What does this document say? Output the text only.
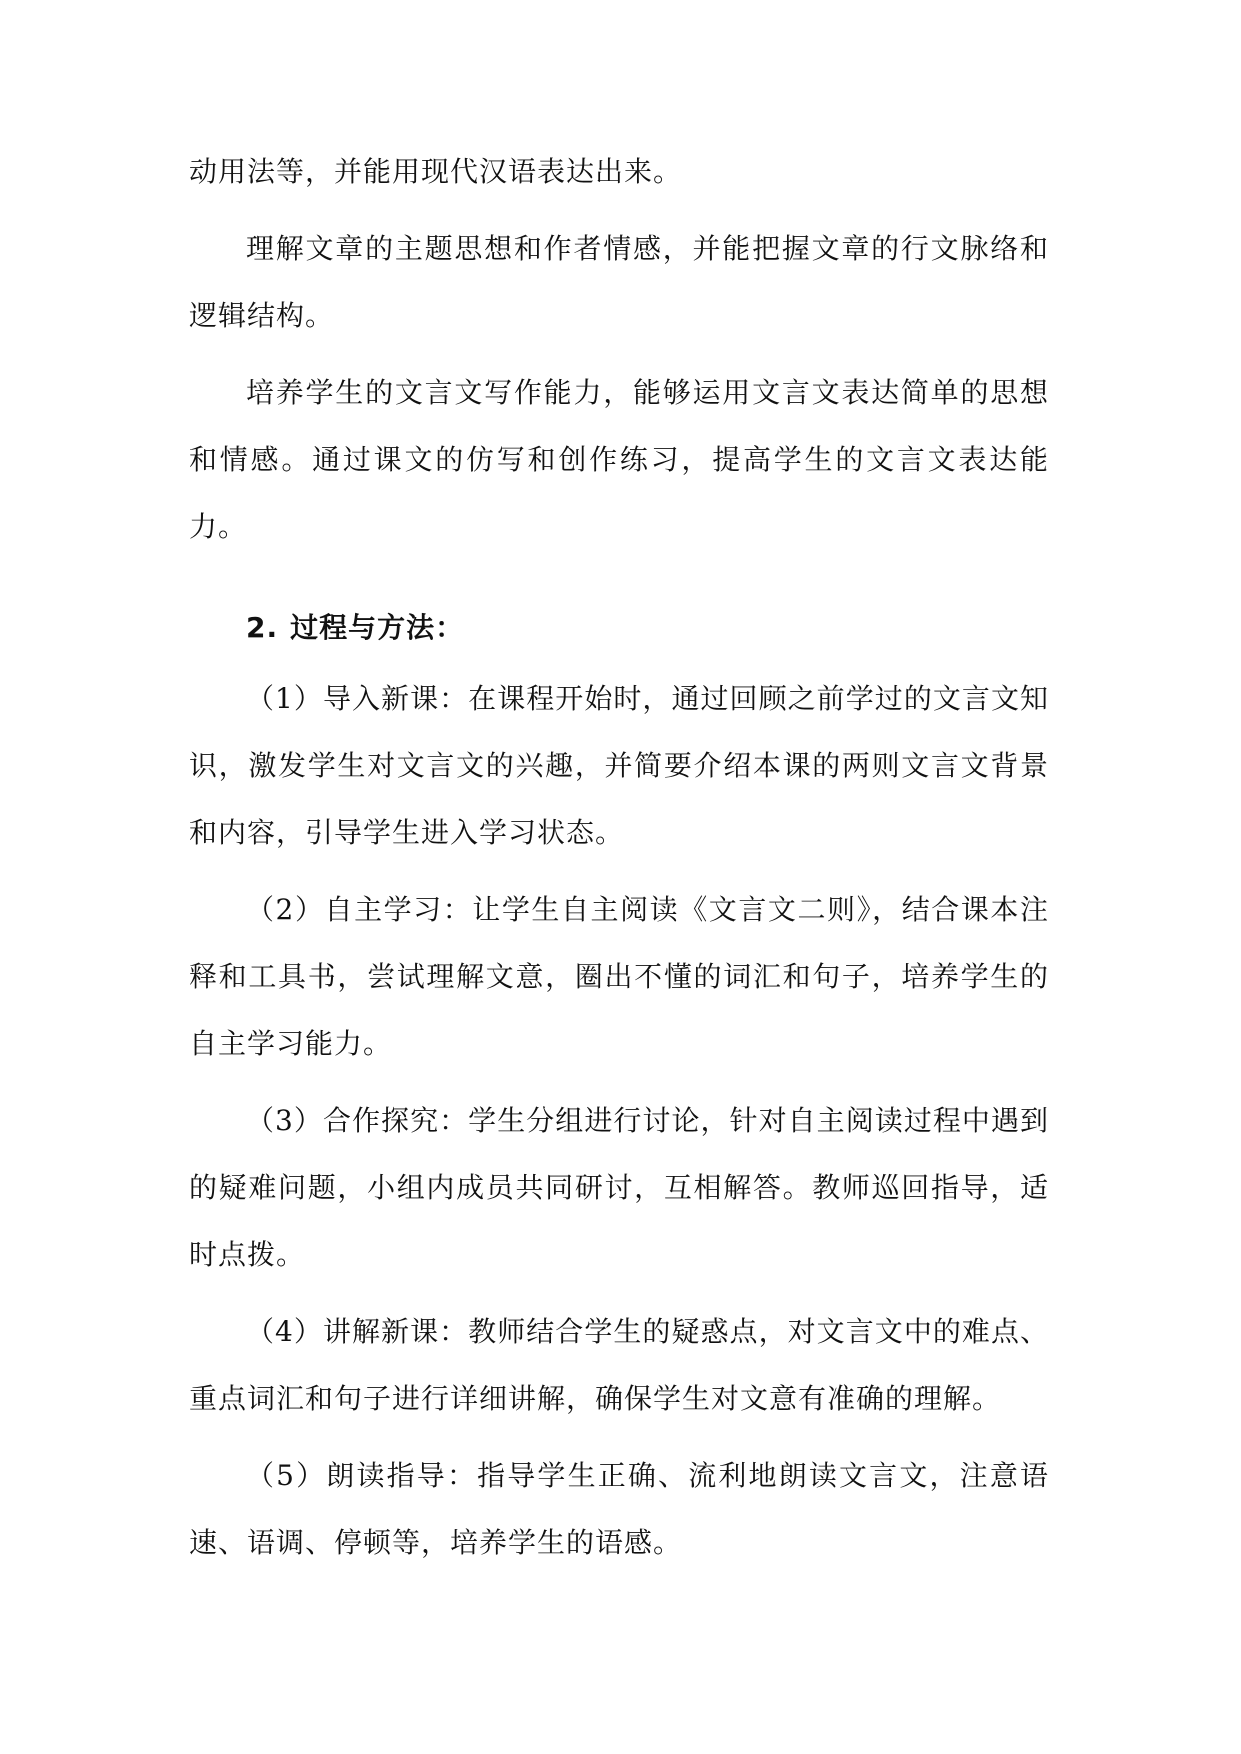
动用法等，并能用现代汉语表达出来。

理解文章的主题思想和作者情感，并能把握文章的行文脉络和逻辑结构。

培养学生的文言文写作能力，能够运用文言文表达简单的思想和情感。通过课文的仿写和创作练习，提高学生的文言文表达能力。

2. 过程与方法：

（1）导入新课：在课程开始时，通过回顾之前学过的文言文知识，激发学生对文言文的兴趣，并简要介绍本课的两则文言文背景和内容，引导学生进入学习状态。

（2）自主学习：让学生自主阅读《文言文二则》，结合课本注释和工具书，尝试理解文意，圈出不懂的词汇和句子，培养学生的自主学习能力。

（3）合作探究：学生分组进行讨论，针对自主阅读过程中遇到的疑难问题，小组内成员共同研讨，互相解答。教师巡回指导，适时点拨。

（4）讲解新课：教师结合学生的疑惑点，对文言文中的难点、重点词汇和句子进行详细讲解，确保学生对文意有准确的理解。

（5）朗读指导：指导学生正确、流利地朗读文言文，注意语速、语调、停顿等，培养学生的语感。
